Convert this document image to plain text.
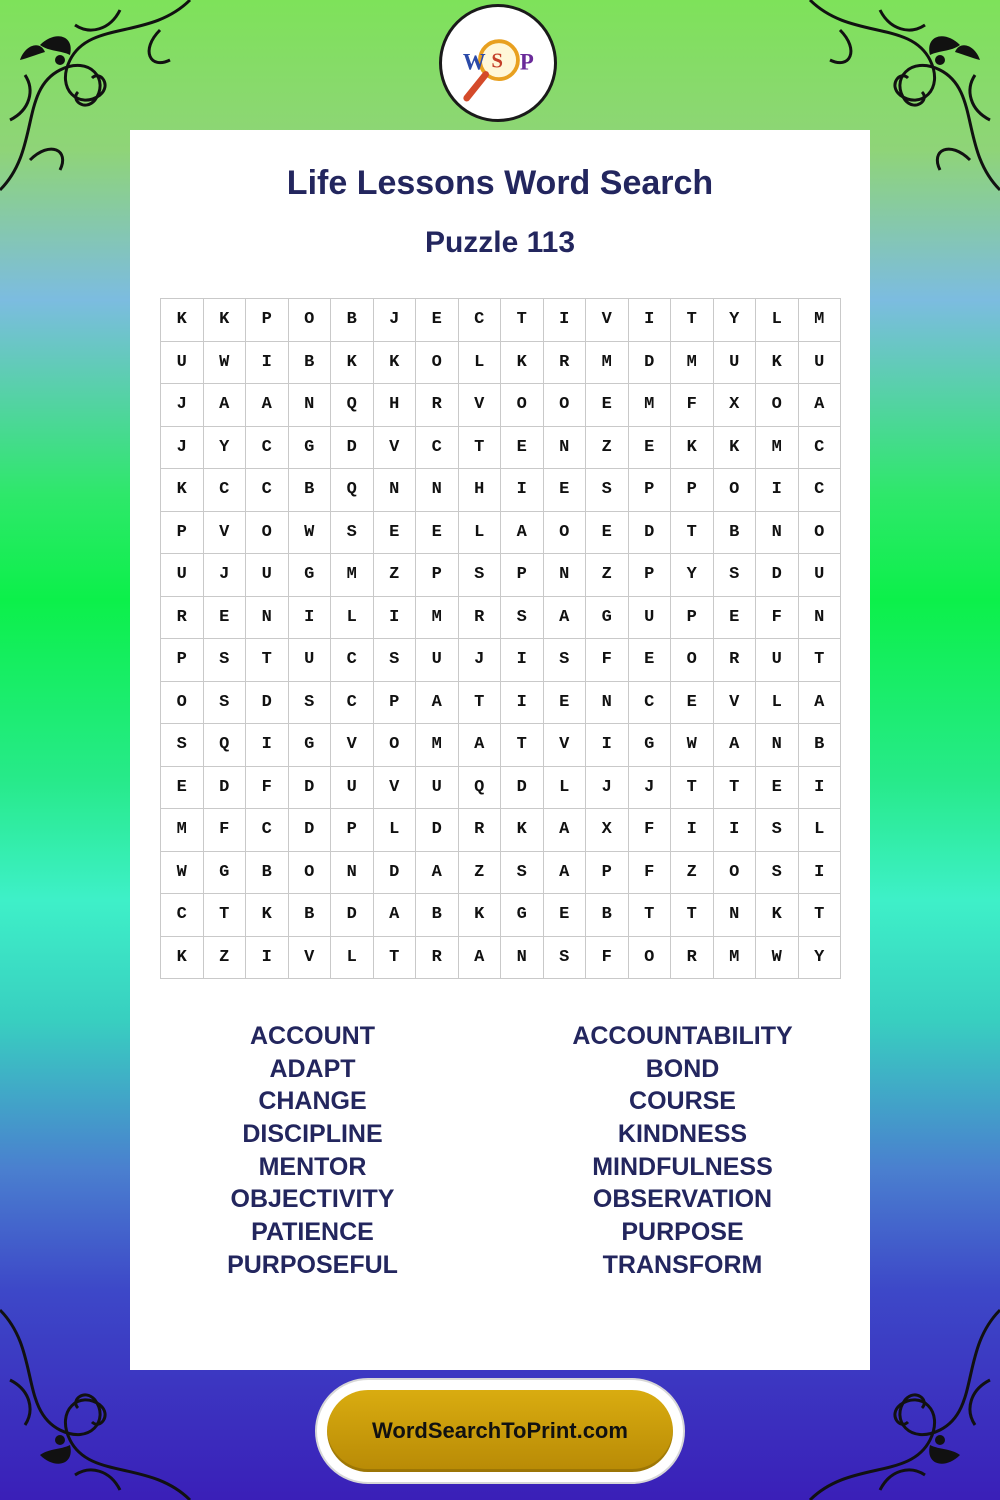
W S P
Life Lessons Word Search
Puzzle 113
K	K	P	O	B	J	E	C	T	I	V	I	T	Y	L	M
U	W	I	B	K	K	O	L	K	R	M	D	M	U	K	U
J	A	A	N	Q	H	R	V	O	O	E	M	F	X	O	A
J	Y	C	G	D	V	C	T	E	N	Z	E	K	K	M	C
K	C	C	B	Q	N	N	H	I	E	S	P	P	O	I	C
P	V	O	W	S	E	E	L	A	O	E	D	T	B	N	O
U	J	U	G	M	Z	P	S	P	N	Z	P	Y	S	D	U
R	E	N	I	L	I	M	R	S	A	G	U	P	E	F	N
P	S	T	U	C	S	U	J	I	S	F	E	O	R	U	T
O	S	D	S	C	P	A	T	I	E	N	C	E	V	L	A
S	Q	I	G	V	O	M	A	T	V	I	G	W	A	N	B
E	D	F	D	U	V	U	Q	D	L	J	J	T	T	E	I
M	F	C	D	P	L	D	R	K	A	X	F	I	I	S	L
W	G	B	O	N	D	A	Z	S	A	P	F	Z	O	S	I
C	T	K	B	D	A	B	K	G	E	B	T	T	N	K	T
K	Z	I	V	L	T	R	A	N	S	F	O	R	M	W	Y
ACCOUNT	ACCOUNTABILITY
ADAPT	BOND
CHANGE	COURSE
DISCIPLINE	KINDNESS
MENTOR	MINDFULNESS
OBJECTIVITY	OBSERVATION
PATIENCE	PURPOSE
PURPOSEFUL	TRANSFORM
WordSearchToPrint.com
